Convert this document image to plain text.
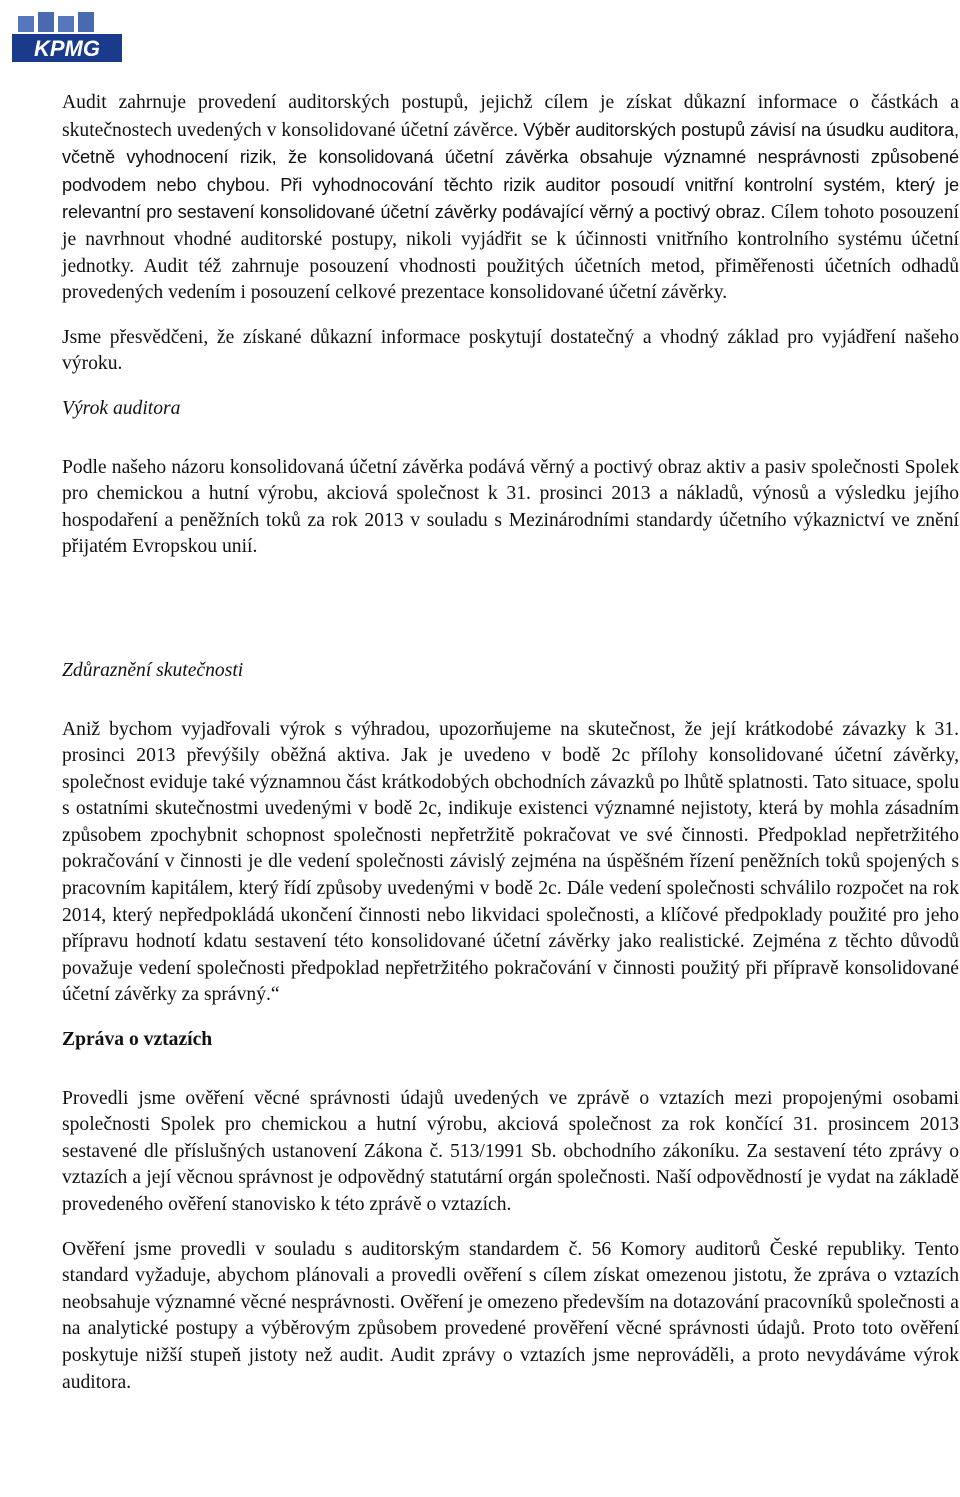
KPMG

Audit zahrnuje provedení auditorských postupů, jejichž cílem je získat důkazní informace o částkách a skutečnostech uvedených v konsolidované účetní závěrce. Výběr auditorských postupů závisí na úsudku auditora, včetně vyhodnocení rizik, že konsolidovaná účetní závěrka obsahuje významné nesprávnosti způsobené podvodem nebo chybou. Při vyhodnocování těchto rizik auditor posoudí vnitřní kontrolní systém, který je relevantní pro sestavení konsolidované účetní závěrky podávající věrný a poctivý obraz. Cílem tohoto posouzení je navrhnout vhodné auditorské postupy, nikoli vyjádřit se k účinnosti vnitřního kontrolního systému účetní jednotky. Audit též zahrnuje posouzení vhodnosti použitých účetních metod, přiměřenosti účetních odhadů provedených vedením i posouzení celkové prezentace konsolidované účetní závěrky.

Jsme přesvědčeni, že získané důkazní informace poskytují dostatečný a vhodný základ pro vyjádření našeho výroku.

Výrok auditora

Podle našeho názoru konsolidovaná účetní závěrka podává věrný a poctivý obraz aktiv a pasiv společnosti Spolek pro chemickou a hutní výrobu, akciová společnost k 31. prosinci 2013 a nákladů, výnosů a výsledku jejího hospodaření a peněžních toků za rok 2013 v souladu s Mezinárodními standardy účetního výkaznictví ve znění přijatém Evropskou unií.

Zdůraznění skutečnosti

Aniž bychom vyjadřovali výrok s výhradou, upozorňujeme na skutečnost, že její krátkodobé závazky k 31. prosinci 2013 převýšily oběžná aktiva. Jak je uvedeno v bodě 2c přílohy konsolidované účetní závěrky, společnost eviduje také významnou část krátkodobých obchodních závazků po lhůtě splatnosti. Tato situace, spolu s ostatními skutečnostmi uvedenými v bodě 2c, indikuje existenci významné nejistoty, která by mohla zásadním způsobem zpochybnit schopnost společnosti nepřetržitě pokračovat ve své činnosti. Předpoklad nepřetržitého pokračování v činnosti je dle vedení společnosti závislý zejména na úspěšném řízení peněžních toků spojených s pracovním kapitálem, který řídí způsoby uvedenými v bodě 2c. Dále vedení společnosti schválilo rozpočet na rok 2014, který nepředpokládá ukončení činnosti nebo likvidaci společnosti, a klíčové předpoklady použité pro jeho přípravu hodnotí kdatu sestavení této konsolidované účetní závěrky jako realistické. Zejména z těchto důvodů považuje vedení společnosti předpoklad nepřetržitého pokračování v činnosti použitý při přípravě konsolidované účetní závěrky za správný.“

Zpráva o vztazích

Provedli jsme ověření věcné správnosti údajů uvedených ve zprávě o vztazích mezi propojenými osobami společnosti Spolek pro chemickou a hutní výrobu, akciová společnost za rok končící 31. prosincem 2013 sestavené dle příslušných ustanovení Zákona č. 513/1991 Sb. obchodního zákoníku. Za sestavení této zprávy o vztazích a její věcnou správnost je odpovědný statutární orgán společnosti. Naší odpovědností je vydat na základě provedeného ověření stanovisko k této zprávě o vztazích.

Ověření jsme provedli v souladu s auditorským standardem č. 56 Komory auditorů České republiky. Tento standard vyžaduje, abychom plánovali a provedli ověření s cílem získat omezenou jistotu, že zpráva o vztazích neobsahuje významné věcné nesprávnosti. Ověření je omezeno především na dotazování pracovníků společnosti a na analytické postupy a výběrovým způsobem provedené prověření věcné správnosti údajů. Proto toto ověření poskytuje nižší stupeň jistoty než audit. Audit zprávy o vztazích jsme neprováděli, a proto nevydáváme výrok auditora.
